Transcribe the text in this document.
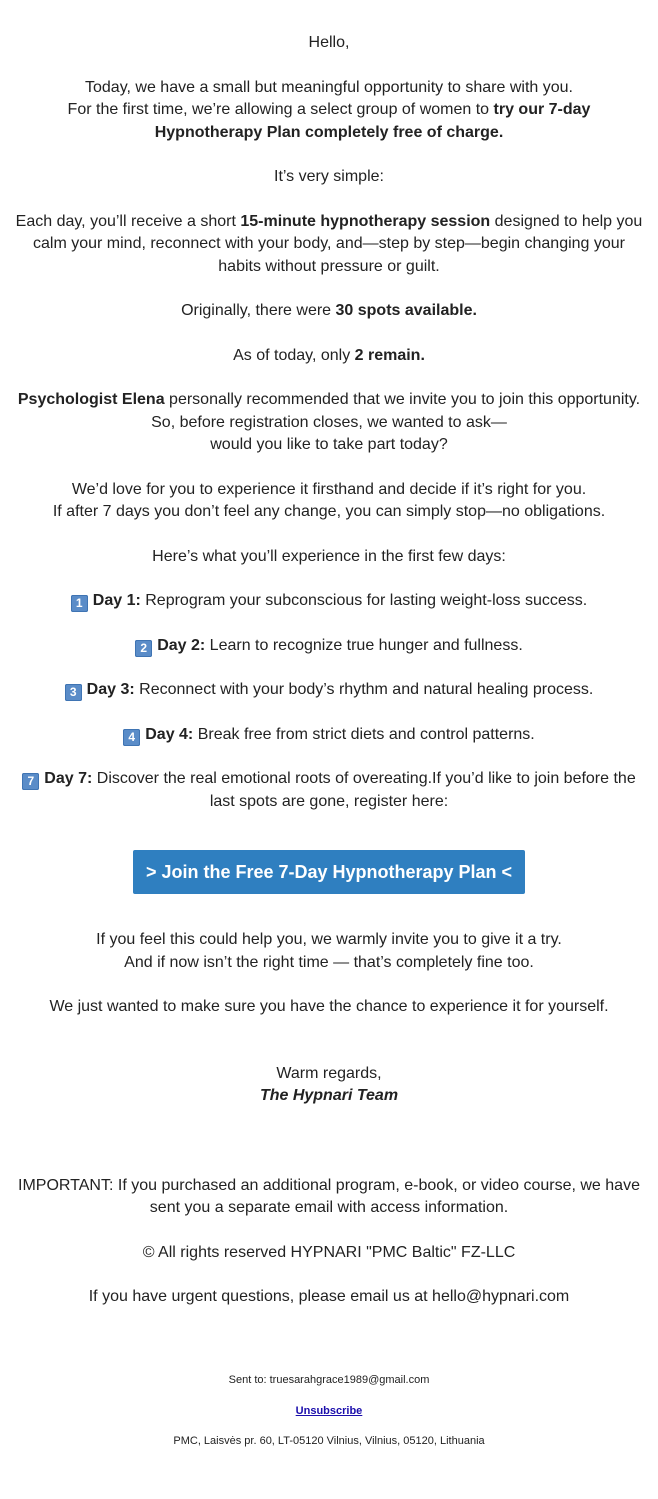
Hello,

Today, we have a small but meaningful opportunity to share with you.
For the first time, we’re allowing a select group of women to try our 7-day
Hypnotherapy Plan completely free of charge.

It’s very simple:

Each day, you’ll receive a short 15-minute hypnotherapy session designed to help you
calm your mind, reconnect with your body, and—step by step—begin changing your
habits without pressure or guilt.

Originally, there were 30 spots available.

As of today, only 2 remain.

Psychologist Elena personally recommended that we invite you to join this opportunity.
So, before registration closes, we wanted to ask—
would you like to take part today?

We’d love for you to experience it firsthand and decide if it’s right for you.
If after 7 days you don’t feel any change, you can simply stop—no obligations.

Here’s what you’ll experience in the first few days:

1 Day 1: Reprogram your subconscious for lasting weight-loss success.

2 Day 2: Learn to recognize true hunger and fullness.

3 Day 3: Reconnect with your body’s rhythm and natural healing process.

4 Day 4: Break free from strict diets and control patterns.

7 Day 7: Discover the real emotional roots of overeating.If you’d like to join before the
last spots are gone, register here:

> Join the Free 7-Day Hypnotherapy Plan <

If you feel this could help you, we warmly invite you to give it a try.
And if now isn’t the right time — that’s completely fine too.

We just wanted to make sure you have the chance to experience it for yourself.

Warm regards,
The Hypnari Team

IMPORTANT: If you purchased an additional program, e-book, or video course, we have
sent you a separate email with access information.

© All rights reserved HYPNARI "PMC Baltic" FZ-LLC

If you have urgent questions, please email us at hello@hypnari.com

Sent to: truesarahgrace1989@gmail.com

Unsubscribe

PMC, Laisvės pr. 60, LT-05120 Vilnius, Vilnius, 05120, Lithuania
